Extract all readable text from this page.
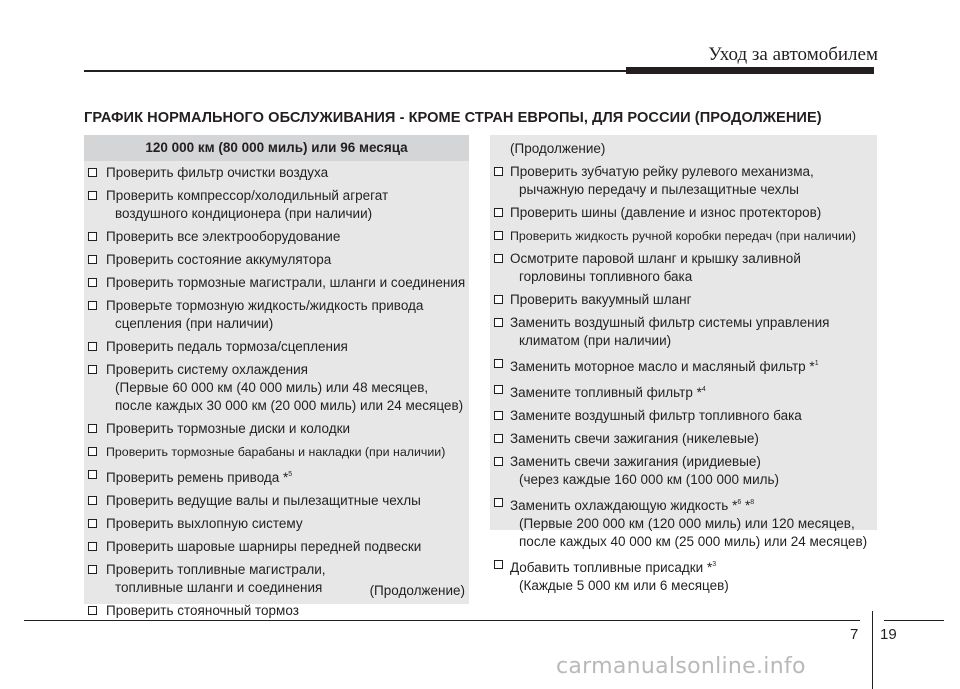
Уход за автомобилем
ГРАФИК НОРМАЛЬНОГО ОБСЛУЖИВАНИЯ - КРОМЕ СТРАН ЕВРОПЫ, ДЛЯ РОССИИ (ПРОДОЛЖЕНИЕ)
120 000 км (80 000 миль) или 96 месяца
Проверить фильтр очистки воздуха
Проверить компрессор/холодильный агрегат
воздушного кондиционера (при наличии)
Проверить все электрооборудование
Проверить состояние аккумулятора
Проверить тормозные магистрали, шланги и соединения
Проверьте тормозную жидкость/жидкость привода
сцепления (при наличии)
Проверить педаль тормоза/сцепления
Проверить систему охлаждения
(Первые 60 000 км (40 000 миль) или 48 месяцев,
после каждых 30 000 км (20 000 миль) или 24 месяцев)
Проверить тормозные диски и колодки
Проверить тормозные барабаны и накладки (при наличии)
Проверить ремень привода *$^5$
Проверить ведущие валы и пылезащитные чехлы
Проверить выхлопную систему
Проверить шаровые шарниры передней подвески
Проверить топливные магистрали,
топливные шланги и соединения
Проверить стояночный тормоз
(Продолжение)
(Продолжение)
Проверить зубчатую рейку рулевого механизма,
рычажную передачу и пылезащитные чехлы
Проверить шины (давление и износ протекторов)
Проверить жидкость ручной коробки передач (при наличии)
Осмотрите паровой шланг и крышку заливной
горловины топливного бака
Проверить вакуумный шланг
Заменить воздушный фильтр системы управления
климатом (при наличии)
Заменить моторное масло и масляный фильтр *$^1$
Замените топливный фильтр *$^4$
Замените воздушный фильтр топливного бака
Заменить свечи зажигания (никелевые)
Заменить свечи зажигания (иридиевые)
(через каждые 160 000 км (100 000 миль)
Заменить охлаждающую жидкость *$^6$ *$^8$
(Первые 200 000 км (120 000 миль) или 120 месяцев,
после каждых 40 000 км (25 000 миль) или 24 месяцев)
Добавить топливные присадки *$^3$
(Каждые 5 000 км или 6 месяцев)
7 19
carmanualsonline.info
